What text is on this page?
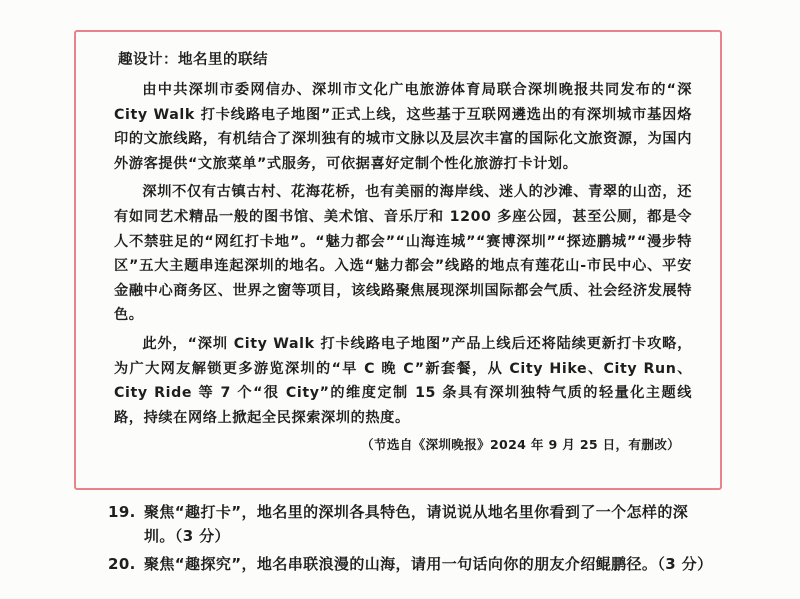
趣设计：地名里的联结

由中共深圳市委网信办、深圳市文化广电旅游体育局联合深圳晚报共同发布的“深 City Walk 打卡线路电子地图”正式上线，这些基于互联网遴选出的有深圳城市基因烙印的文旅线路，有机结合了深圳独有的城市文脉以及层次丰富的国际化文旅资源，为国内外游客提供“文旅菜单”式服务，可依据喜好定制个性化旅游打卡计划。

深圳不仅有古镇古村、花海花桥，也有美丽的海岸线、迷人的沙滩、青翠的山峦，还有如同艺术精品一般的图书馆、美术馆、音乐厅和 1200 多座公园，甚至公厕，都是令人不禁驻足的“网红打卡地”。“魅力都会”“山海连城”“赛博深圳”“探迹鹏城”“漫步特区”五大主题串连起深圳的地名。入选“魅力都会”线路的地点有莲花山-市民中心、平安金融中心商务区、世界之窗等项目，该线路聚焦展现深圳国际都会气质、社会经济发展特色。

此外，“深圳 City Walk 打卡线路电子地图”产品上线后还将陆续更新打卡攻略，为广大网友解锁更多游览深圳的“早 C 晚 C”新套餐，从 City Hike、City Run、City Ride 等 7 个“很 City”的维度定制 15 条具有深圳独特气质的轻量化主题线路，持续在网络上掀起全民探索深圳的热度。

（节选自《深圳晚报》2024 年 9 月 25 日，有删改）
19. 聚焦“趣打卡”，地名里的深圳各具特色，请说说从地名里你看到了一个怎样的深圳。（3 分）
20. 聚焦“趣探究”，地名串联浪漫的山海，请用一句话向你的朋友介绍鲲鹏径。（3 分）
